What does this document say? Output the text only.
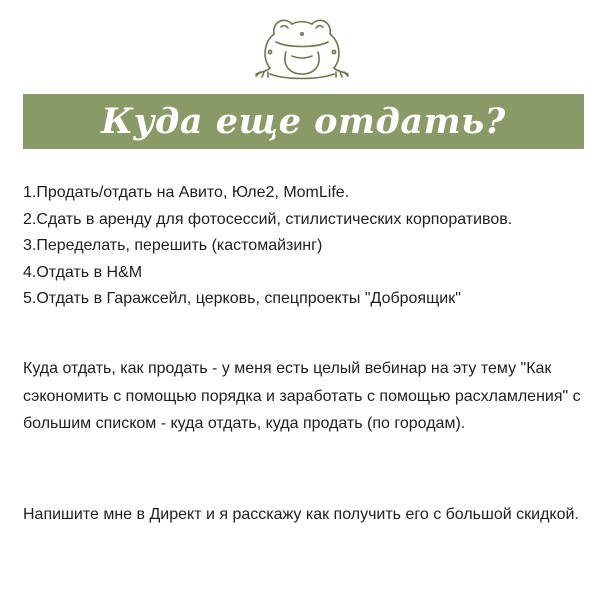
Куда еще отдать?
1.Продать/отдать на Авито, Юле2, MomLife.
2.Сдать в аренду для фотосессий, стилистических корпоративов.
3.Переделать, перешить (кастомайзинг)
4.Отдать в H&M
5.Отдать в Гаражсейл, церковь, спецпроекты "Доброящик"

Куда отдать, как продать - у меня есть целый вебинар на эту тему "Как сэкономить с помощью порядка и заработать с помощью расхламления" с большим списком - куда отдать, куда продать (по городам).

Напишите мне в Директ и я расскажу как получить его с большой скидкой.
